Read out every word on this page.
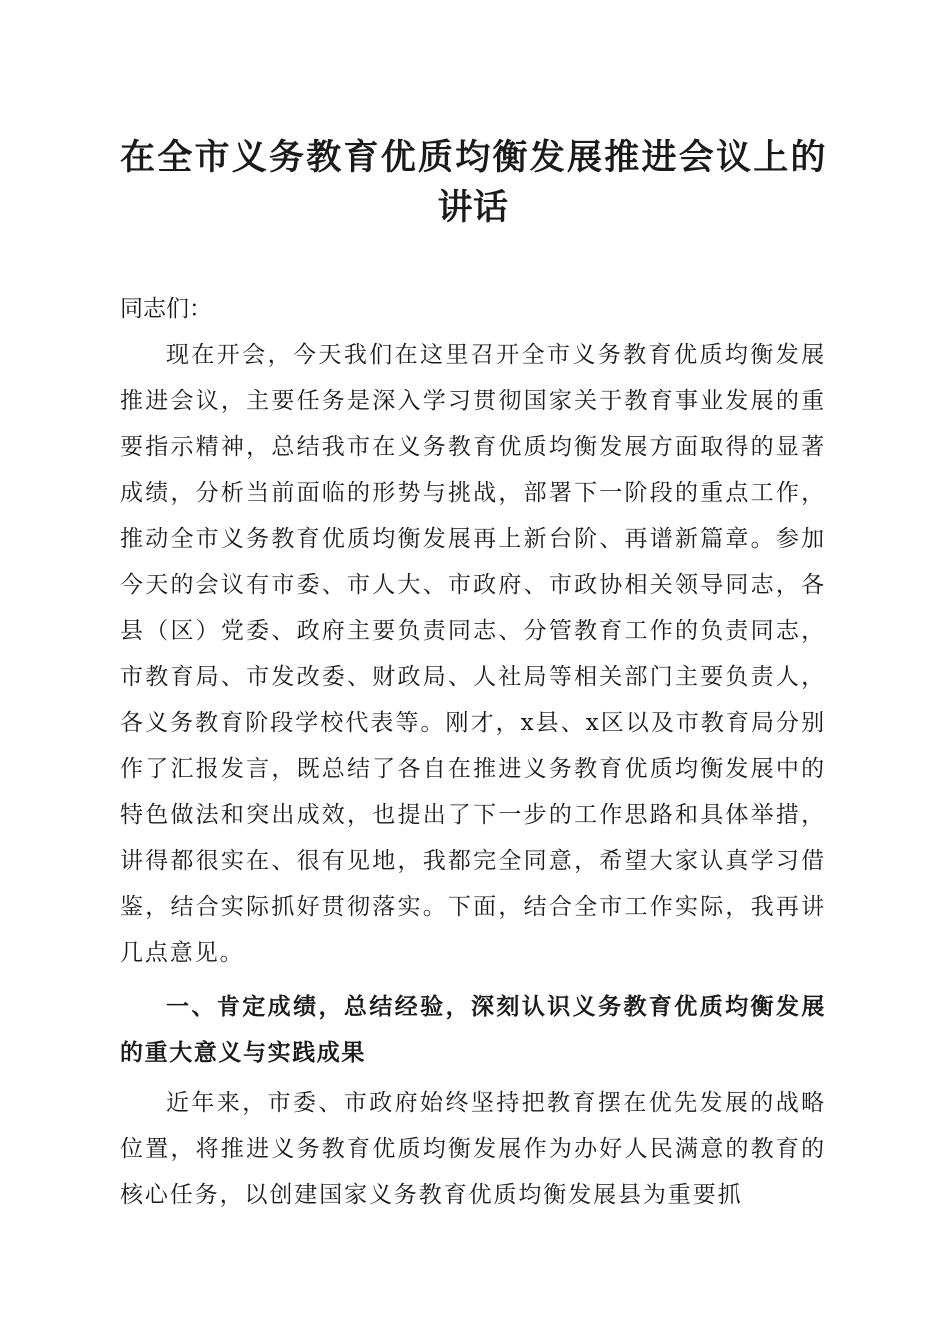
在全市义务教育优质均衡发展推进会议上的讲话
同志们：

现在开会，今天我们在这里召开全市义务教育优质均衡发展推进会议，主要任务是深入学习贯彻国家关于教育事业发展的重要指示精神，总结我市在义务教育优质均衡发展方面取得的显著成绩，分析当前面临的形势与挑战，部署下一阶段的重点工作，推动全市义务教育优质均衡发展再上新台阶、再谱新篇章。参加今天的会议有市委、市人大、市政府、市政协相关领导同志，各县（区）党委、政府主要负责同志、分管教育工作的负责同志，市教育局、市发改委、财政局、人社局等相关部门主要负责人，各义务教育阶段学校代表等。刚才，x县、x区以及市教育局分别作了汇报发言，既总结了各自在推进义务教育优质均衡发展中的特色做法和突出成效，也提出了下一步的工作思路和具体举措，讲得都很实在、很有见地，我都完全同意，希望大家认真学习借鉴，结合实际抓好贯彻落实。下面，结合全市工作实际，我再讲几点意见。

一、肯定成绩，总结经验，深刻认识义务教育优质均衡发展的重大意义与实践成果

近年来，市委、市政府始终坚持把教育摆在优先发展的战略位置，将推进义务教育优质均衡发展作为办好人民满意的教育的核心任务，以创建国家义务教育优质均衡发展县为重要抓
